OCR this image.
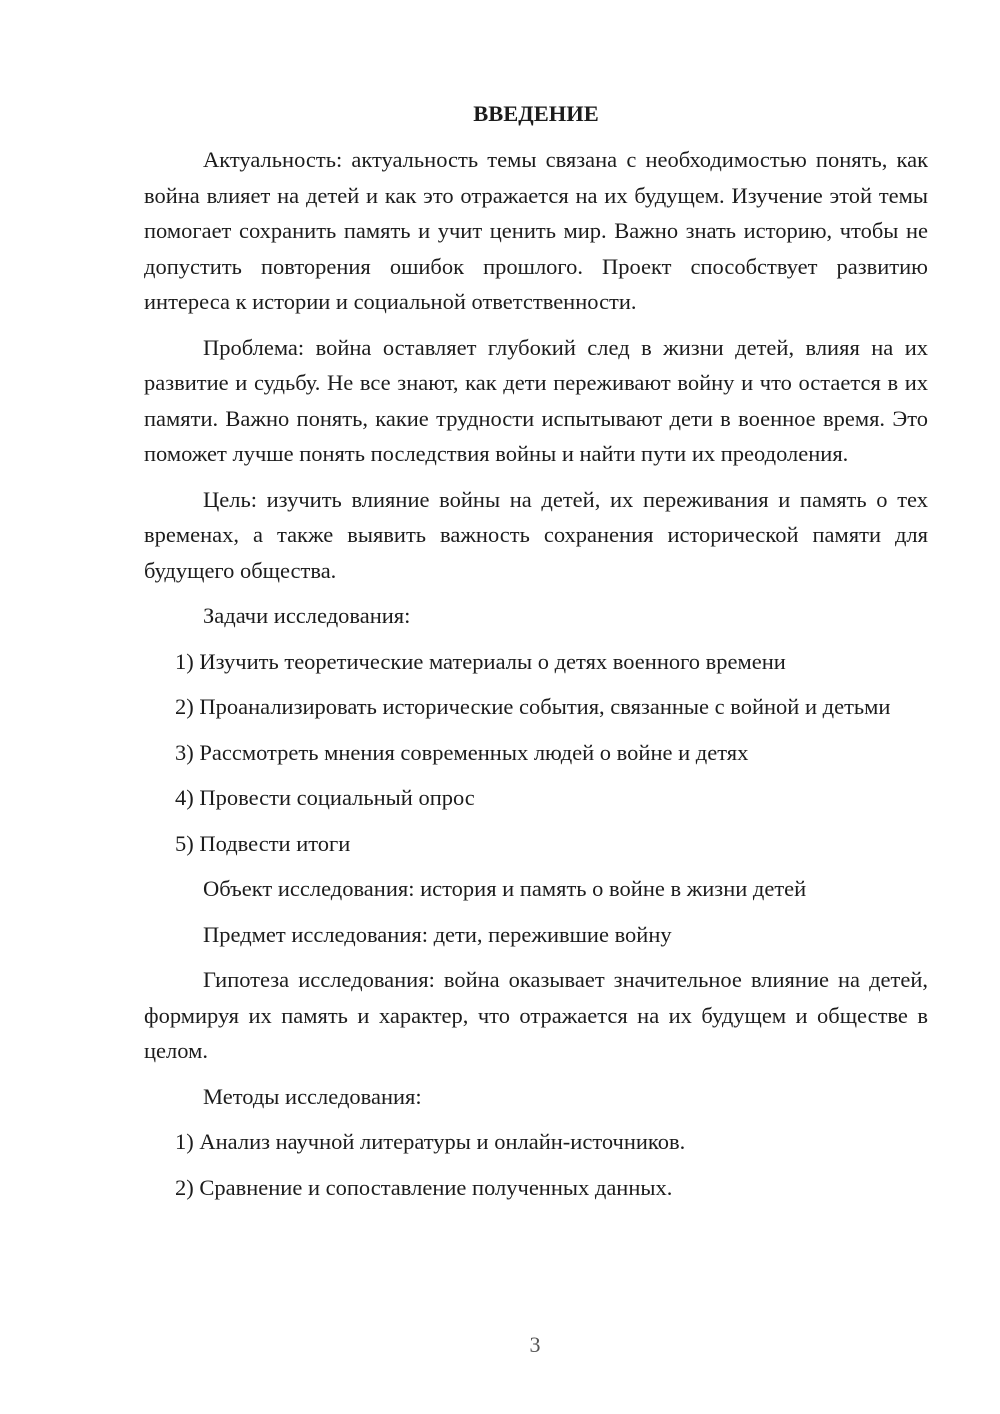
ВВЕДЕНИЕ

Актуальность: актуальность темы связана с необходимостью понять, как война влияет на детей и как это отражается на их будущем. Изучение этой темы помогает сохранить память и учит ценить мир. Важно знать историю, чтобы не допустить повторения ошибок прошлого. Проект способствует развитию интереса к истории и социальной ответственности.

Проблема: война оставляет глубокий след в жизни детей, влияя на их развитие и судьбу. Не все знают, как дети переживают войну и что остается в их памяти. Важно понять, какие трудности испытывают дети в военное время. Это поможет лучше понять последствия войны и найти пути их преодоления.

Цель: изучить влияние войны на детей, их переживания и память о тех временах, а также выявить важность сохранения исторической памяти для будущего общества.

Задачи исследования:

1) Изучить теоретические материалы о детях военного времени

2) Проанализировать исторические события, связанные с войной и детьми

3) Рассмотреть мнения современных людей о войне и детях

4) Провести социальный опрос

5) Подвести итоги

Объект исследования: история и память о войне в жизни детей

Предмет исследования: дети, пережившие войну

Гипотеза исследования: война оказывает значительное влияние на детей, формируя их память и характер, что отражается на их будущем и обществе в целом.

Методы исследования:

1) Анализ научной литературы и онлайн-источников.

2) Сравнение и сопоставление полученных данных.

3
